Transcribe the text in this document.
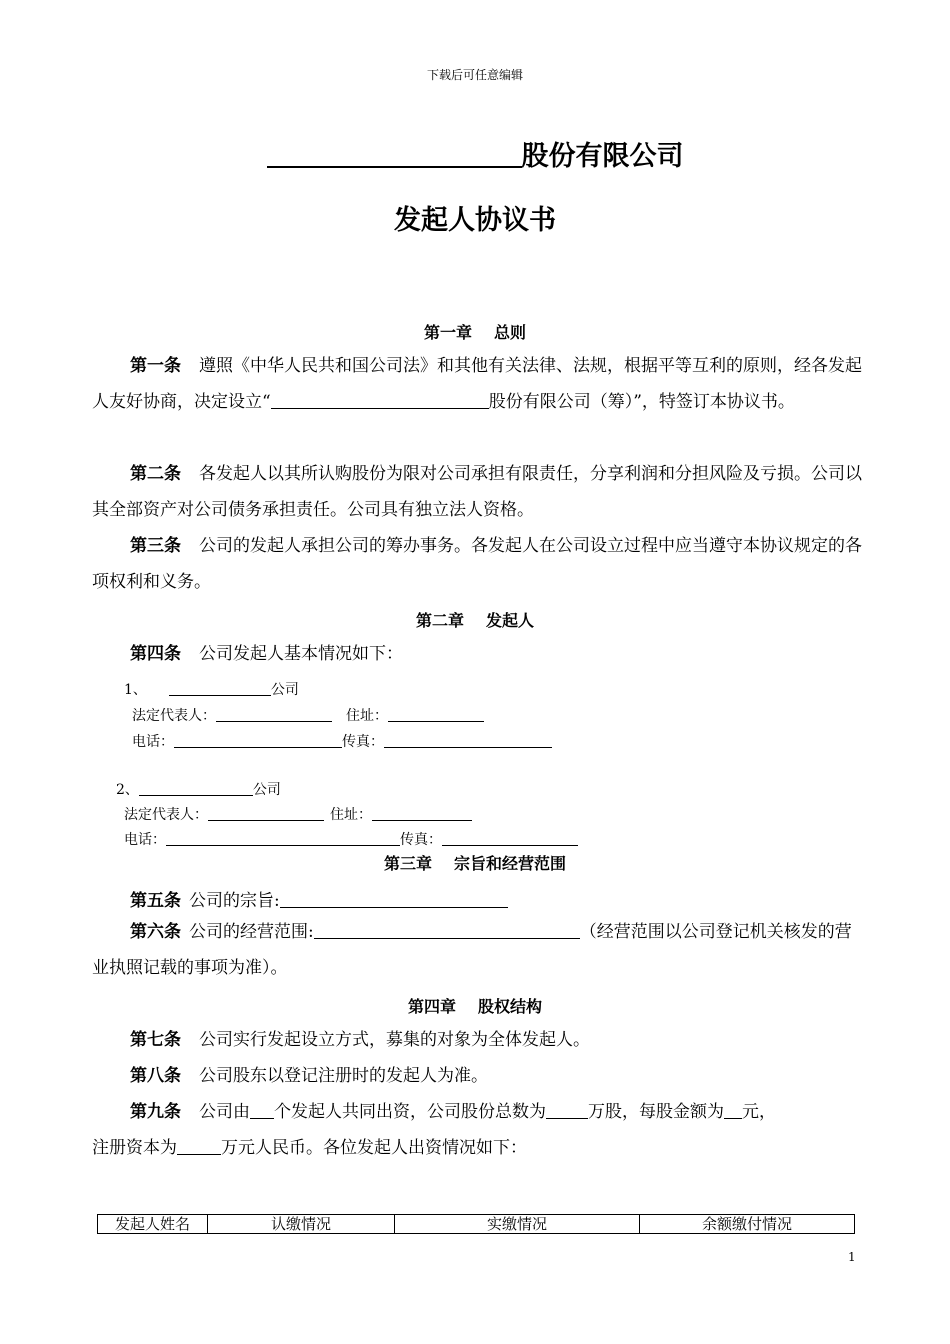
下载后可任意编辑
股份有限公司
发起人协议书
第一章 总则
第一条 遵照《中华人民共和国公司法》和其他有关法律、法规，根据平等互利的原则，经各发起人友好协商，决定设立“	股份有限公司（筹）”，特签订本协议书。
第二条 各发起人以其所认购股份为限对公司承担有限责任，分享利润和分担风险及亏损。公司以其全部资产对公司债务承担责任。公司具有独立法人资格。
第三条 公司的发起人承担公司的筹办事务。各发起人在公司设立过程中应当遵守本协议规定的各项权利和义务。
第二章 发起人
第四条 公司发起人基本情况如下：
1、	公司
法定代表人：	住址：
电话：	传真：
2、	公司
法定代表人：	住址：
电话：	传真：
第三章 宗旨和经营范围
第五条 公司的宗旨:
第六条 公司的经营范围:	（经营范围以公司登记机关核发的营业执照记载的事项为准）。
第四章 股权结构
第七条 公司实行发起设立方式，募集的对象为全体发起人。
第八条 公司股东以登记注册时的发起人为准。
第九条 公司由 个发起人共同出资，公司股份总数为 万股，每股金额为 元，
注册资本为	万元人民币。各位发起人出资情况如下：
发起人姓名	认缴情况	实缴情况	余额缴付情况
1
